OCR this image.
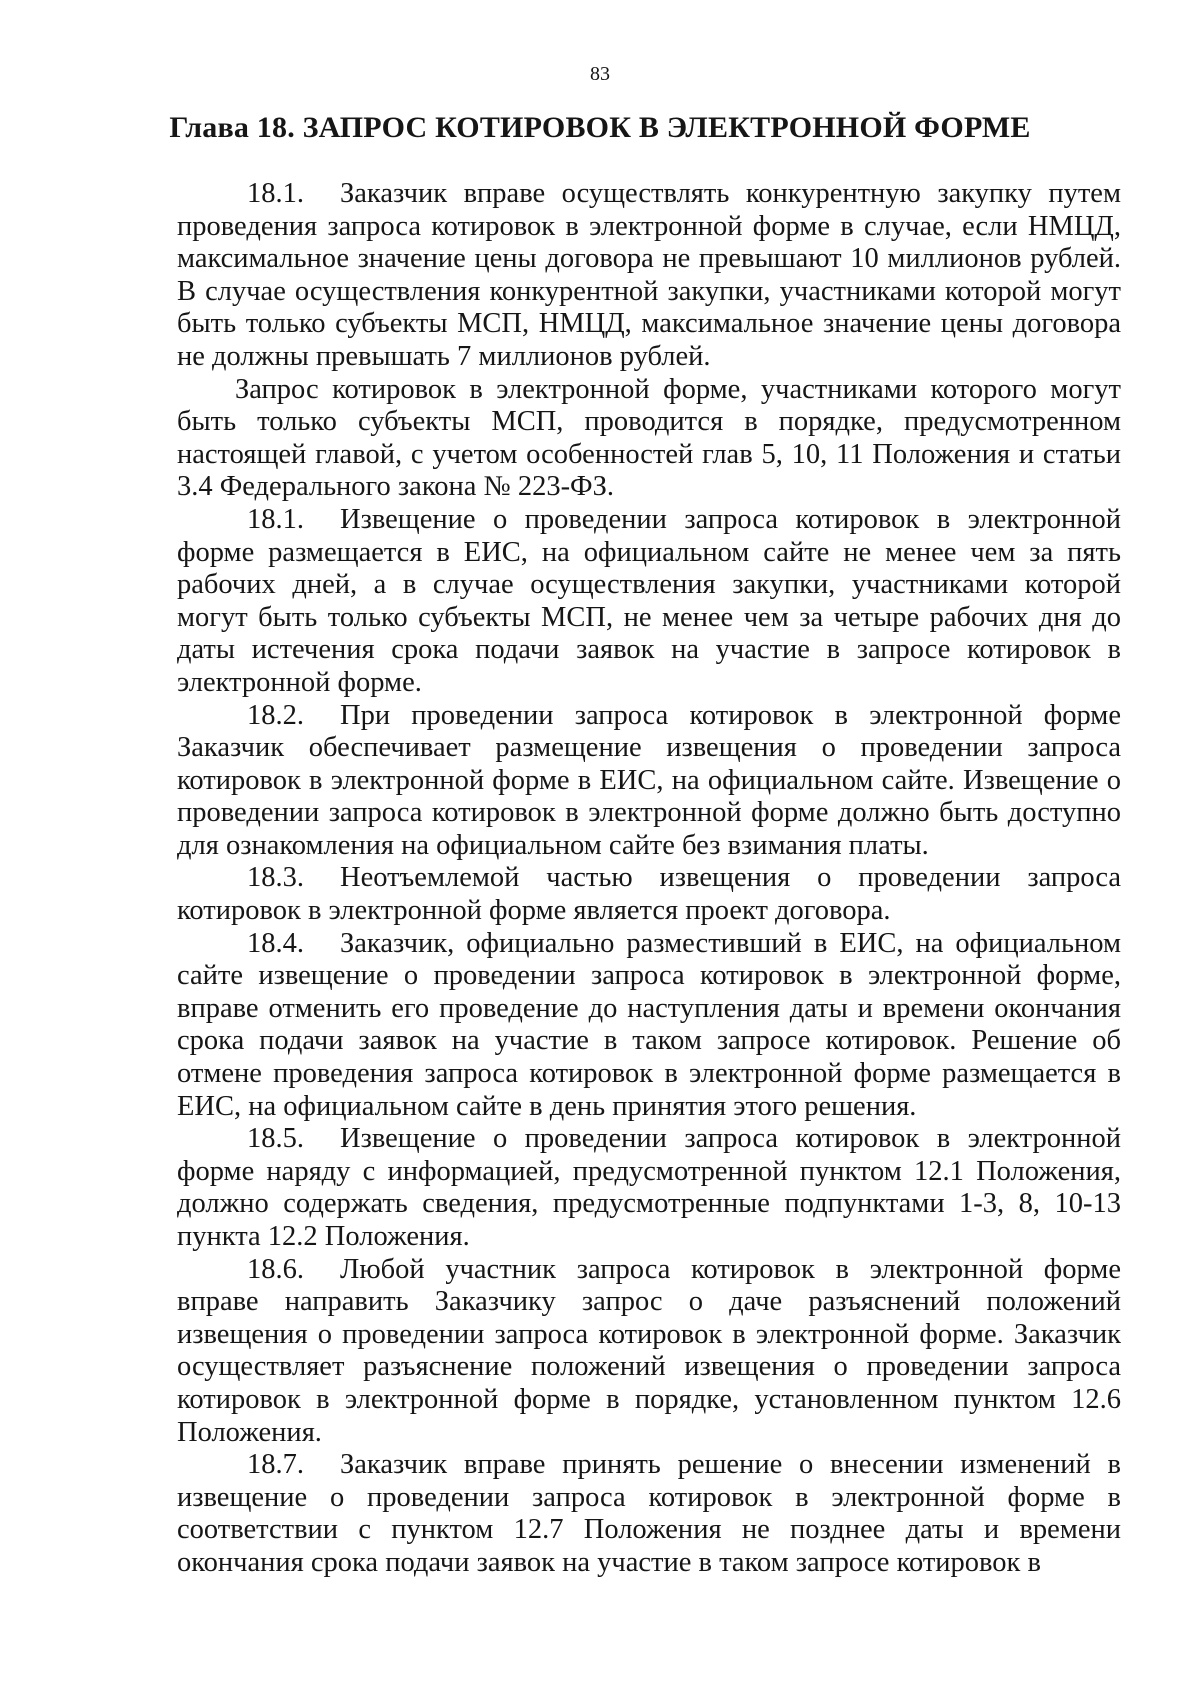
83
Глава 18. ЗАПРОС КОТИРОВОК В ЭЛЕКТРОННОЙ ФОРМЕ

18.1. Заказчик вправе осуществлять конкурентную закупку путем проведения запроса котировок в электронной форме в случае, если НМЦД, максимальное значение цены договора не превышают 10 миллионов рублей. В случае осуществления конкурентной закупки, участниками которой могут быть только субъекты МСП, НМЦД, максимальное значение цены договора не должны превышать 7 миллионов рублей.

Запрос котировок в электронной форме, участниками которого могут быть только субъекты МСП, проводится в порядке, предусмотренном настоящей главой, с учетом особенностей глав 5, 10, 11 Положения и статьи 3.4 Федерального закона № 223-ФЗ.

18.1. Извещение о проведении запроса котировок в электронной форме размещается в ЕИС, на официальном сайте не менее чем за пять рабочих дней, а в случае осуществления закупки, участниками которой могут быть только субъекты МСП, не менее чем за четыре рабочих дня до даты истечения срока подачи заявок на участие в запросе котировок в электронной форме.

18.2. При проведении запроса котировок в электронной форме Заказчик обеспечивает размещение извещения о проведении запроса котировок в электронной форме в ЕИС, на официальном сайте. Извещение о проведении запроса котировок в электронной форме должно быть доступно для ознакомления на официальном сайте без взимания платы.

18.3. Неотъемлемой частью извещения о проведении запроса котировок в электронной форме является проект договора.

18.4. Заказчик, официально разместивший в ЕИС, на официальном сайте извещение о проведении запроса котировок в электронной форме, вправе отменить его проведение до наступления даты и времени окончания срока подачи заявок на участие в таком запросе котировок. Решение об отмене проведения запроса котировок в электронной форме размещается в ЕИС, на официальном сайте в день принятия этого решения.

18.5. Извещение о проведении запроса котировок в электронной форме наряду с информацией, предусмотренной пунктом 12.1 Положения, должно содержать сведения, предусмотренные подпунктами 1-3, 8, 10-13 пункта 12.2 Положения.

18.6. Любой участник запроса котировок в электронной форме вправе направить Заказчику запрос о даче разъяснений положений извещения о проведении запроса котировок в электронной форме. Заказчик осуществляет разъяснение положений извещения о проведении запроса котировок в электронной форме в порядке, установленном пунктом 12.6 Положения.

18.7. Заказчик вправе принять решение о внесении изменений в извещение о проведении запроса котировок в электронной форме в соответствии с пунктом 12.7 Положения не позднее даты и времени окончания срока подачи заявок на участие в таком запросе котировок в
